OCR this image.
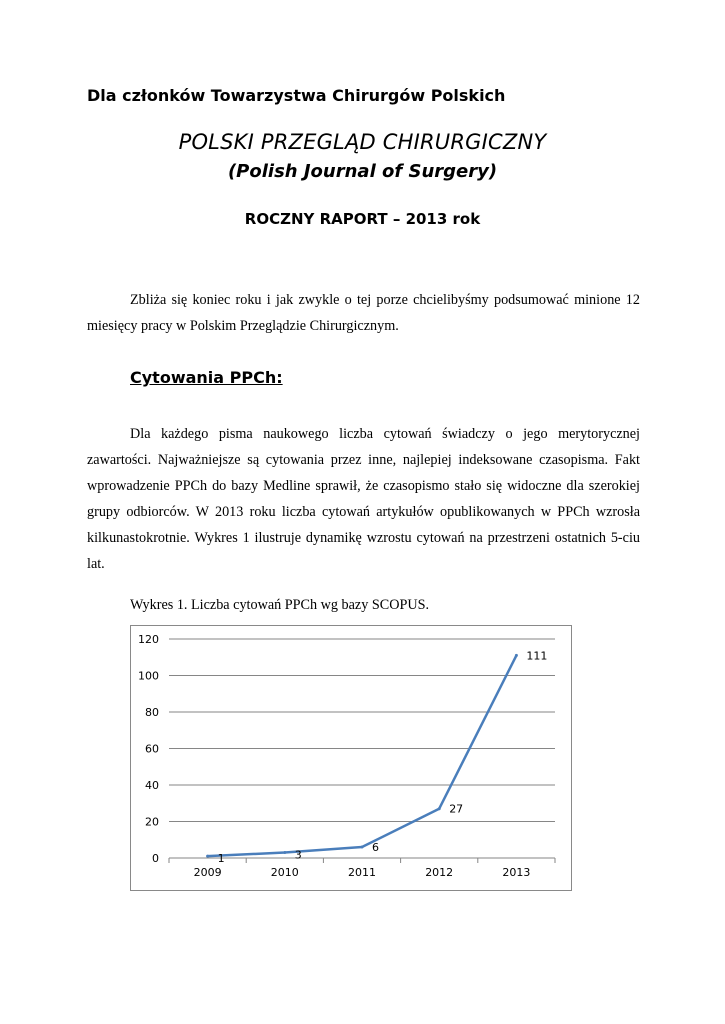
Dla członków Towarzystwa Chirurgów Polskich
POLSKI PRZEGLĄD CHIRURGICZNY
(Polish Journal of Surgery)
ROCZNY RAPORT – 2013 rok

Zbliża się koniec roku i jak zwykle o tej porze chcielibyśmy podsumować minione 12 miesięcy pracy w Polskim Przeglądzie Chirurgicznym.

Cytowania PPCh:

Dla każdego pisma naukowego liczba cytowań świadczy o jego merytorycznej zawartości. Najważniejsze są cytowania przez inne, najlepiej indeksowane czasopisma. Fakt wprowadzenie PPCh do bazy Medline sprawił, że czasopismo stało się widoczne dla szerokiej grupy odbiorców. W 2013 roku liczba cytowań artykułów opublikowanych w PPCh wzrosła kilkunastokrotnie. Wykres 1 ilustruje dynamikę wzrostu cytowań na przestrzeni ostatnich 5-ciu lat.

Wykres 1. Liczba cytowań PPCh wg bazy SCOPUS.

0
20
40
60
80
100
120
2009	2010	2011	2012	2013
1	3
6
27
111
